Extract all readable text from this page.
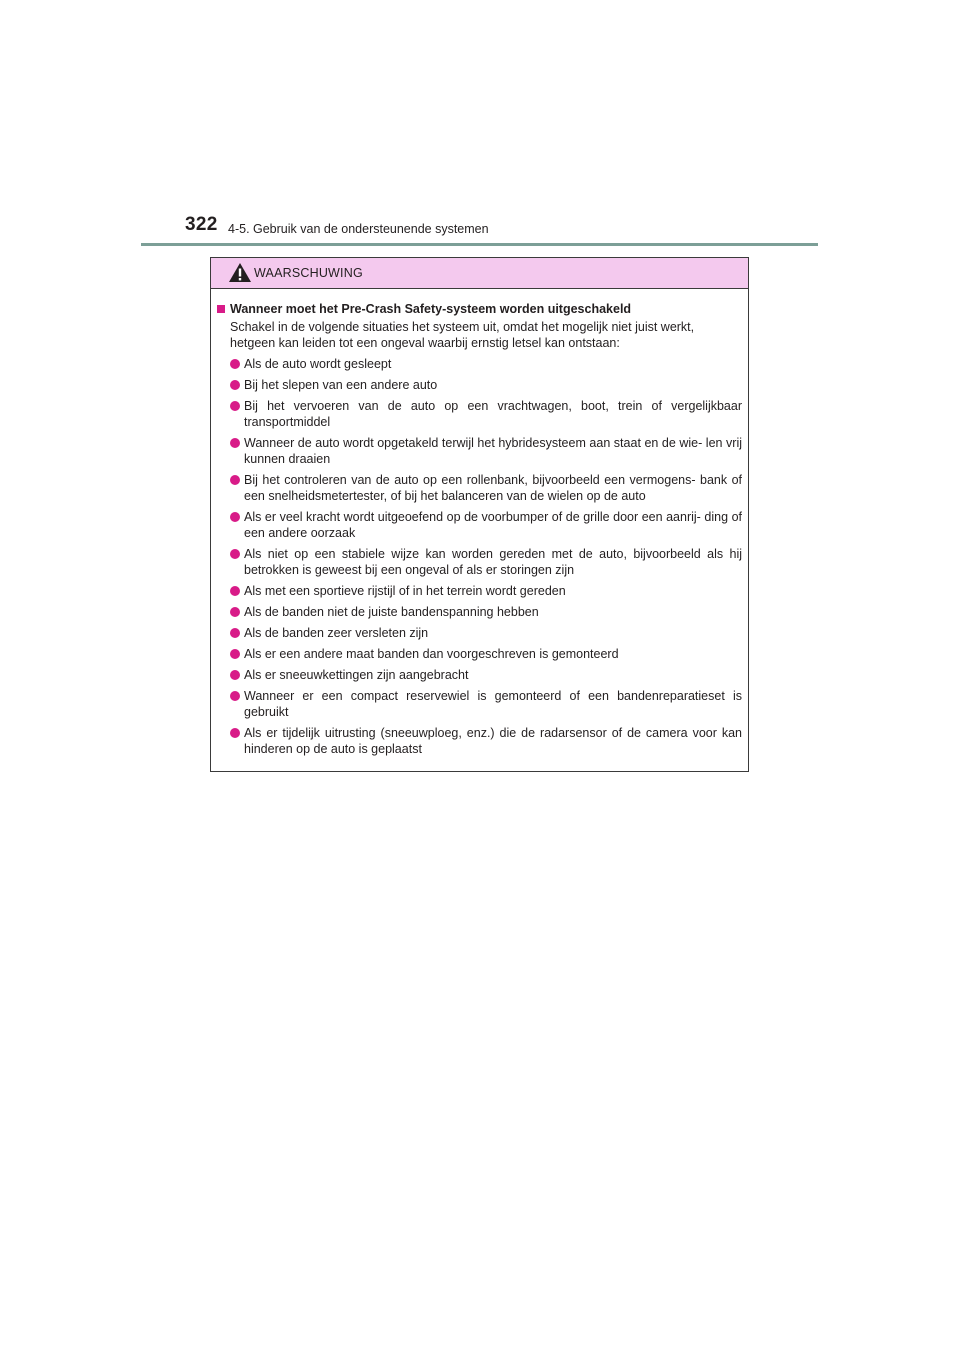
322 4-5. Gebruik van de ondersteunende systemen
WAARSCHUWING
Wanneer moet het Pre-Crash Safety-systeem worden uitgeschakeld
Schakel in de volgende situaties het systeem uit, omdat het mogelijk niet juist werkt, hetgeen kan leiden tot een ongeval waarbij ernstig letsel kan ontstaan:
Als de auto wordt gesleept
Bij het slepen van een andere auto
Bij het vervoeren van de auto op een vrachtwagen, boot, trein of vergelijkbaar transportmiddel
Wanneer de auto wordt opgetakeld terwijl het hybridesysteem aan staat en de wie- len vrij kunnen draaien
Bij het controleren van de auto op een rollenbank, bijvoorbeeld een vermogens- bank of een snelheidsmetertester, of bij het balanceren van de wielen op de auto
Als er veel kracht wordt uitgeoefend op de voorbumper of de grille door een aanrij- ding of een andere oorzaak
Als niet op een stabiele wijze kan worden gereden met de auto, bijvoorbeeld als hij betrokken is geweest bij een ongeval of als er storingen zijn
Als met een sportieve rijstijl of in het terrein wordt gereden
Als de banden niet de juiste bandenspanning hebben
Als de banden zeer versleten zijn
Als er een andere maat banden dan voorgeschreven is gemonteerd
Als er sneeuwkettingen zijn aangebracht
Wanneer er een compact reservewiel is gemonteerd of een bandenreparatieset is gebruikt
Als er tijdelijk uitrusting (sneeuwploeg, enz.) die de radarsensor of de camera voor kan hinderen op de auto is geplaatst
